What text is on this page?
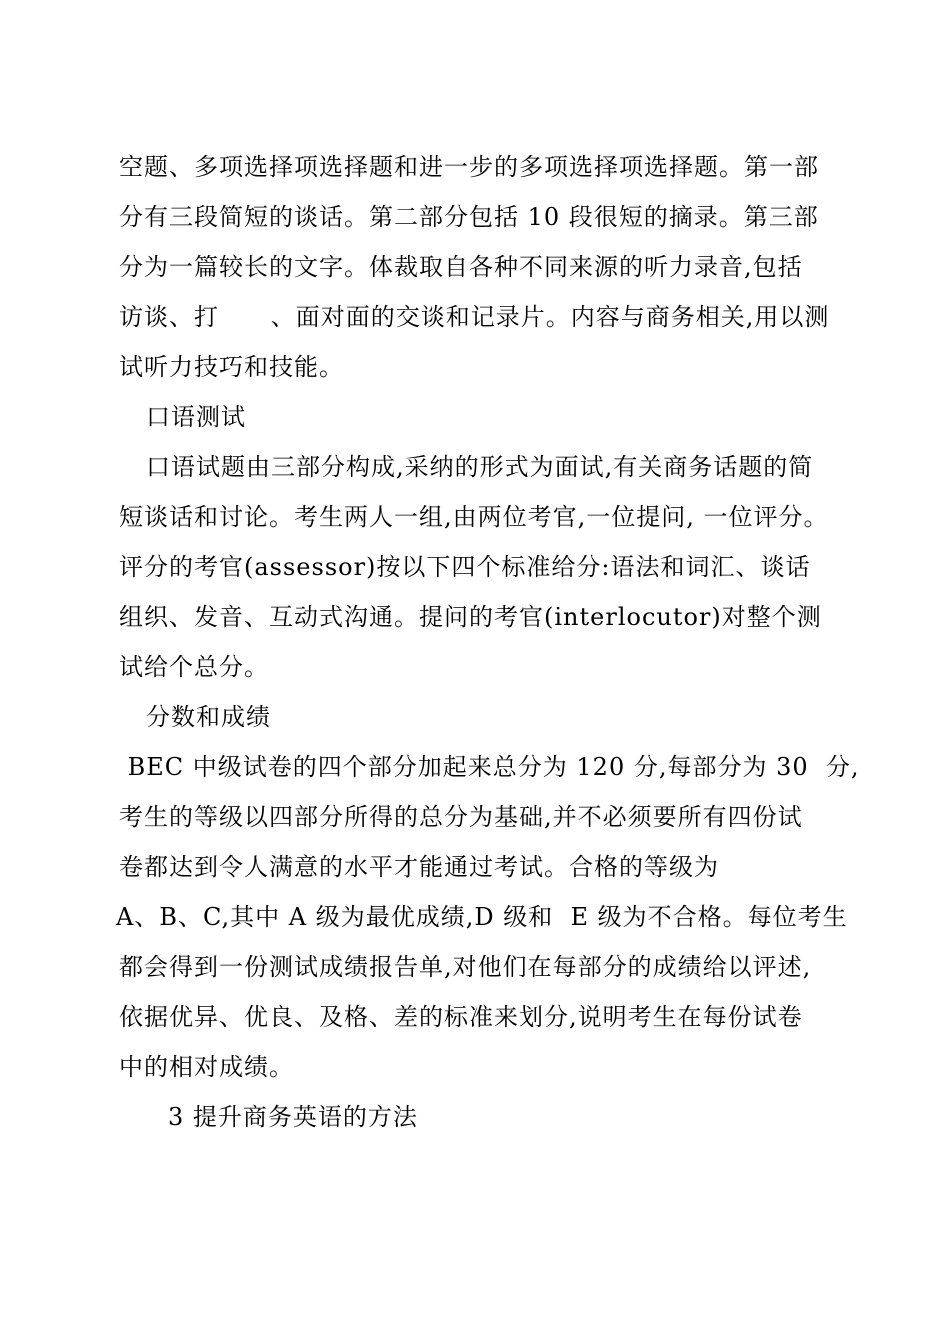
空题、多项选择项选择题和进一步的多项选择项选择题。第一部
分有三段简短的谈话。第二部分包括 10 段很短的摘录。第三部
分为一篇较长的文字。体裁取自各种不同来源的听力录音,包括
访谈、打      、面对面的交谈和记录片。内容与商务相关,用以测
试听力技巧和技能。
口语测试
口语试题由三部分构成,采纳的形式为面试,有关商务话题的简
短谈话和讨论。考生两人一组,由两位考官,一位提问, 一位评分。
评分的考官(assessor)按以下四个标准给分:语法和词汇、谈话
组织、发音、互动式沟通。提问的考官(interlocutor)对整个测
试给个总分。
分数和成绩
BEC 中级试卷的四个部分加起来总分为 120 分,每部分为 30  分,
考生的等级以四部分所得的总分为基础,并不必须要所有四份试
卷都达到令人满意的水平才能通过考试。合格的等级为
A、B、C,其中 A 级为最优成绩,D 级和  E 级为不合格。每位考生
都会得到一份测试成绩报告单,对他们在每部分的成绩给以评述,
依据优异、优良、及格、差的标准来划分,说明考生在每份试卷
中的相对成绩。
3 提升商务英语的方法
